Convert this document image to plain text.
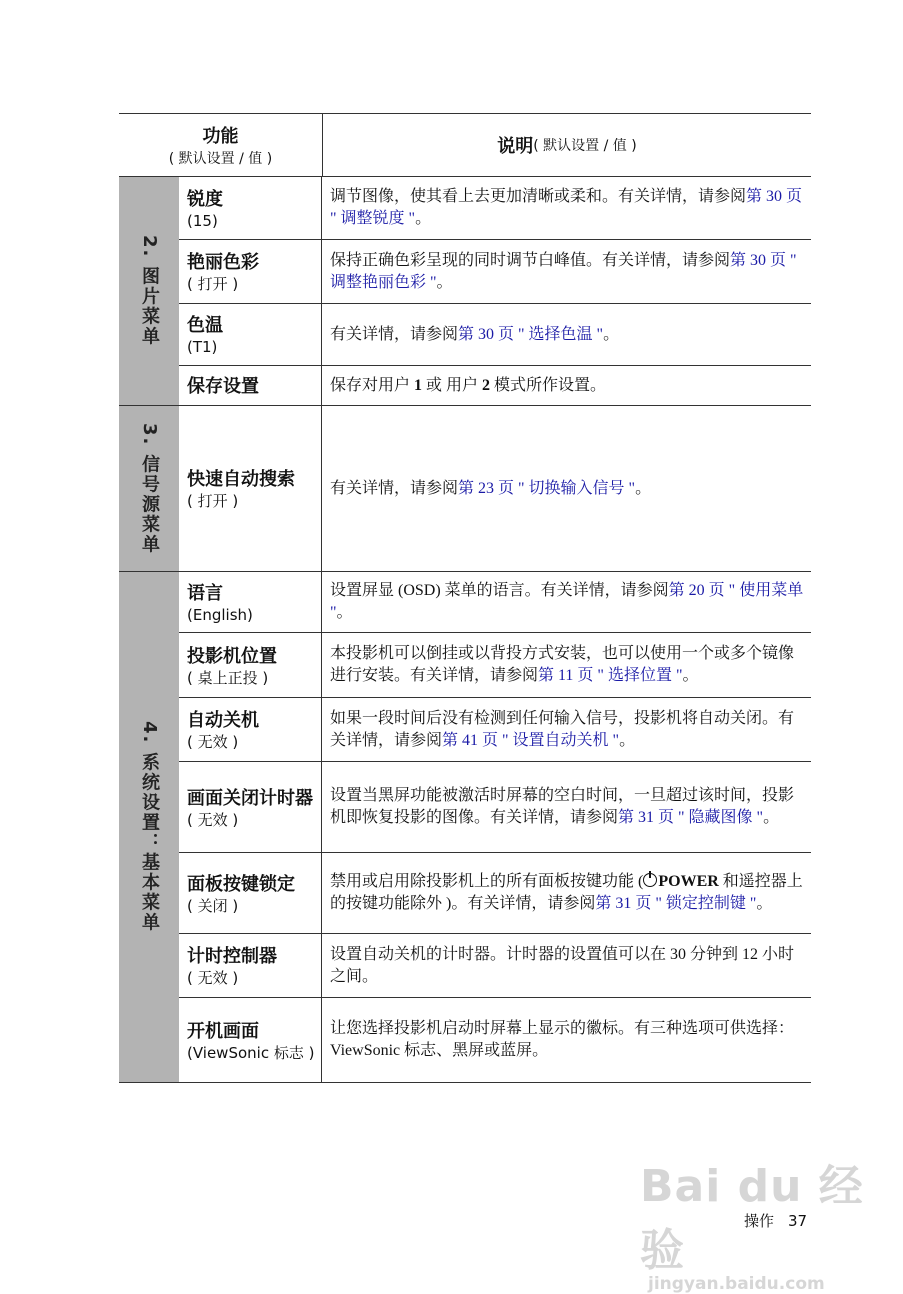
功能
( 默认设置 / 值 )
说明 ( 默认设置 / 值 )
2. 图片菜单
锐度
(15)
调节图像，使其看上去更加清晰或柔和。有关详情，请参阅第 30 页 " 调整锐度 "。
艳丽色彩
( 打开 )
保持正确色彩呈现的同时调节白峰值。有关详情，请参阅第 30 页 " 调整艳丽色彩 "。
色温
(T1)
有关详情，请参阅第 30 页 " 选择色温 "。
保存设置	保存对用户 1 或 用户 2 模式所作设置。
3. 信号源菜单 快速自动搜索
( 打开 )
有关详情，请参阅第 23 页 " 切换输入信号 "。
4. 系统设置：基本菜单
语言
(English)
设置屏显 (OSD) 菜单的语言。有关详情，请参阅第 20 页 " 使用菜单 "。
投影机位置
( 桌上正投 )
本投影机可以倒挂或以背投方式安装，也可以使用一个或多个镜像进行安装。有关详情，请参阅第 11 页 " 选择位置 "。
自动关机
( 无效 )
如果一段时间后没有检测到任何输入信号，投影机将自动关闭。有关详情，请参阅第 41 页 " 设置自动关机 "。
画面关闭计时器
( 无效 )
设置当黑屏功能被激活时屏幕的空白时间，一旦超过该时间，投影机即恢复投影的图像。有关详情，请参阅第 31 页 " 隐藏图像 "。
面板按键锁定
( 关闭 )
禁用或启用除投影机上的所有面板按键功能 ( POWER 和遥控器上的按键功能除外 )。有关详情，请参阅第 31 页 " 锁定控制键 "。
计时控制器
( 无效 )
设置自动关机的计时器。计时器的设置值可以在 30 分钟到 12 小时之间。
开机画面
(ViewSonic 标志 )
让您选择投影机启动时屏幕上显示的徽标。有三种选项可供选择：ViewSonic 标志、黑屏或蓝屏。
操作 37
Bai du 经验
jingyan.baidu.com
